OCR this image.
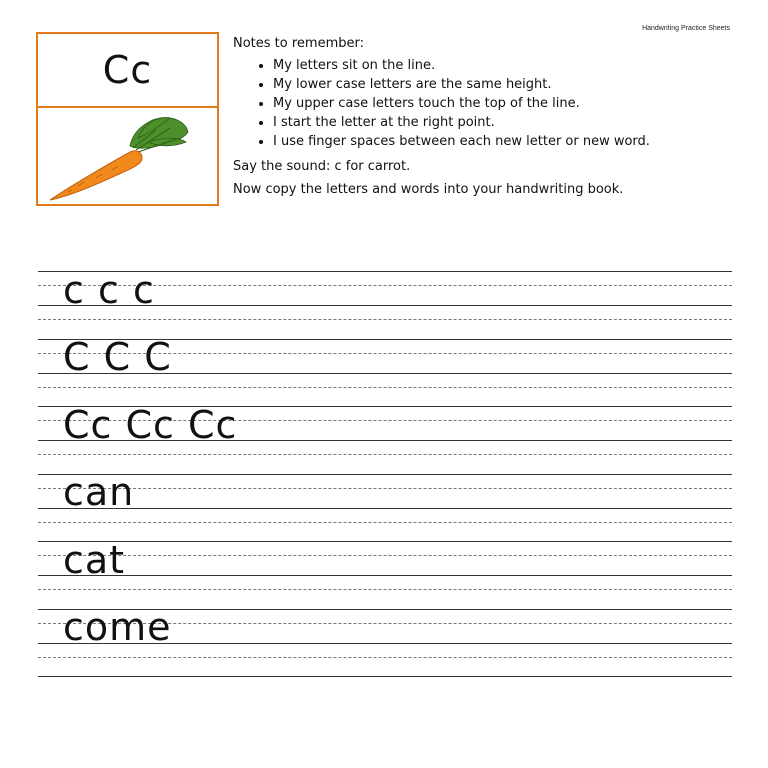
Handwriting Practice Sheets
Cc

Notes to remember:

• My letters sit on the line.
• My lower case letters are the same height.
• My upper case letters touch the top of the line.
• I start the letter at the right point.
• I use finger spaces between each new letter or new word.

Say the sound: c for carrot.

Now copy the letters and words into your handwriting book.

c c c
C C C
Cc Cc Cc
can
cat
come
